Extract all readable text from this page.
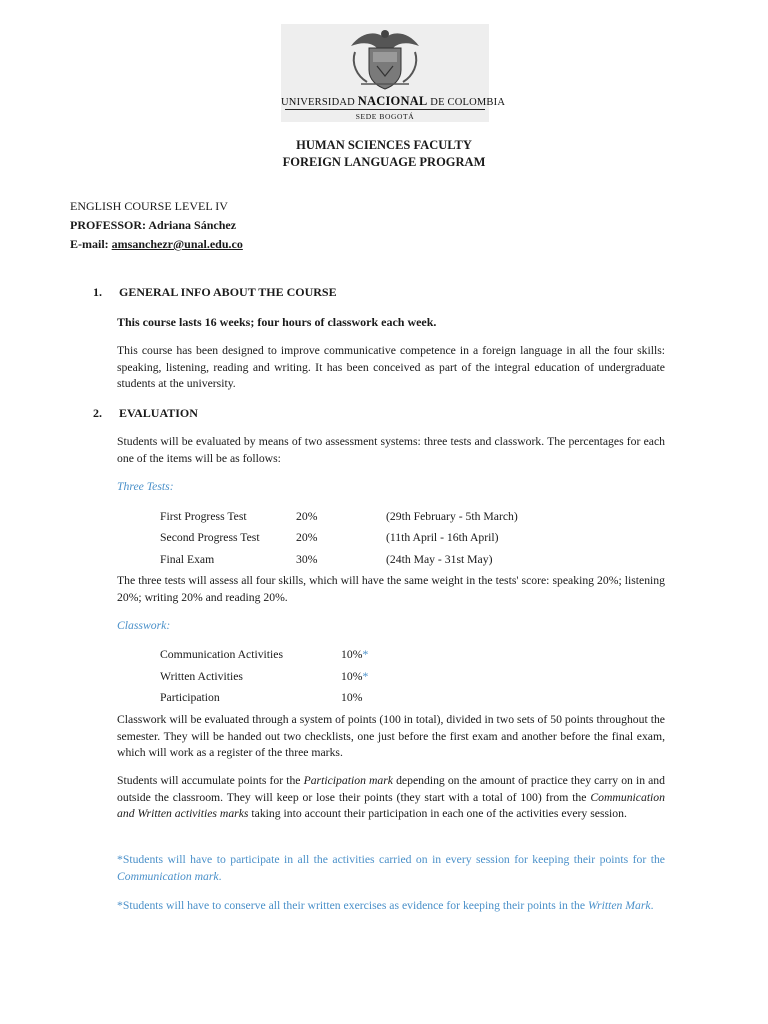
UNIVERSIDAD NACIONAL DE COLOMBIA
SEDE BOGOTÁ
HUMAN SCIENCES FACULTY
FOREIGN LANGUAGE PROGRAM
ENGLISH COURSE LEVEL IV
PROFESSOR: Adriana Sánchez
E-mail: amsanchezr@unal.edu.co
1. GENERAL INFO ABOUT THE COURSE
This course lasts 16 weeks; four hours of classwork each week.
This course has been designed to improve communicative competence in a foreign language in all the four skills: speaking, listening, reading and writing. It has been conceived as part of the integral education of undergraduate students at the university.
2. EVALUATION
Students will be evaluated by means of two assessment systems: three tests and classwork. The percentages for each one of the items will be as follows:
Three Tests:
First Progress Test	20%	(29th February - 5th March)
Second Progress Test	20%	(11th April - 16th April)
Final Exam	30%	(24th May - 31st May)
The three tests will assess all four skills, which will have the same weight in the tests' score: speaking 20%; listening 20%; writing 20% and reading 20%.
Classwork:
Communication Activities	10%*
Written Activities	10%*
Participation	10%
Classwork will be evaluated through a system of points (100 in total), divided in two sets of 50 points throughout the semester. They will be handed out two checklists, one just before the first exam and another before the final exam, which will work as a register of the three marks.
Students will accumulate points for the Participation mark depending on the amount of practice they carry on in and outside the classroom. They will keep or lose their points (they start with a total of 100) from the Communication and Written activities marks taking into account their participation in each one of the activities every session.
*Students will have to participate in all the activities carried on in every session for keeping their points for the Communication mark.
*Students will have to conserve all their written exercises as evidence for keeping their points in the Written Mark.
